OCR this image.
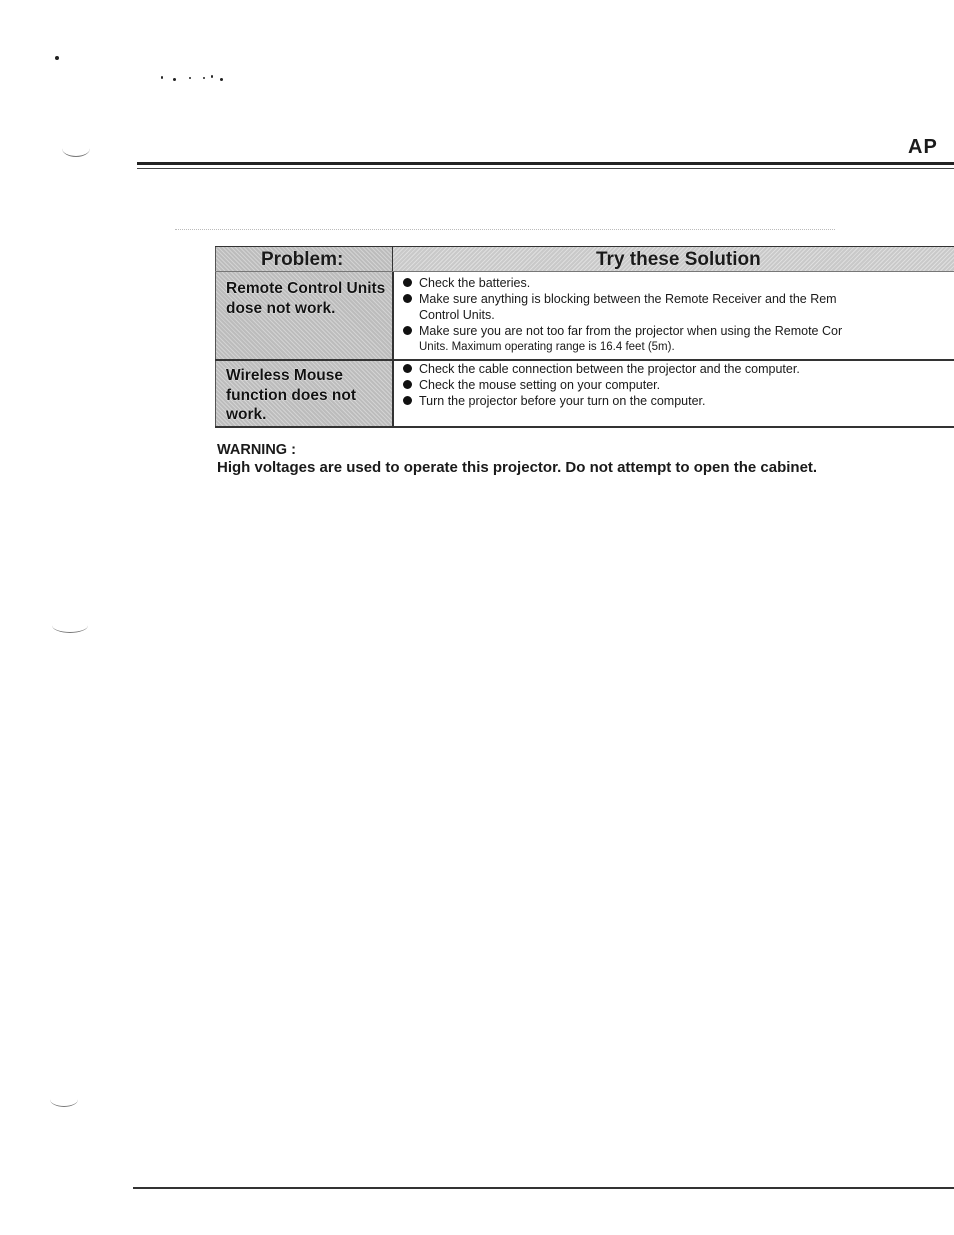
AP
Problem:	Try these Solution
Remote Control Units dose not work.
Wireless Mouse function does not work.
Check the batteries.
Make sure anything is blocking between the Remote Receiver and the Rem
Control Units.
Make sure you are not too far from the projector when using the Remote Cor
Units. Maximum operating range is 16.4 feet (5m).
Check the cable connection between the projector and the computer.
Check the mouse setting on your computer.
Turn the projector before your turn on the computer.
WARNING :
High voltages are used to operate this projector. Do not attempt to open the cabinet.
